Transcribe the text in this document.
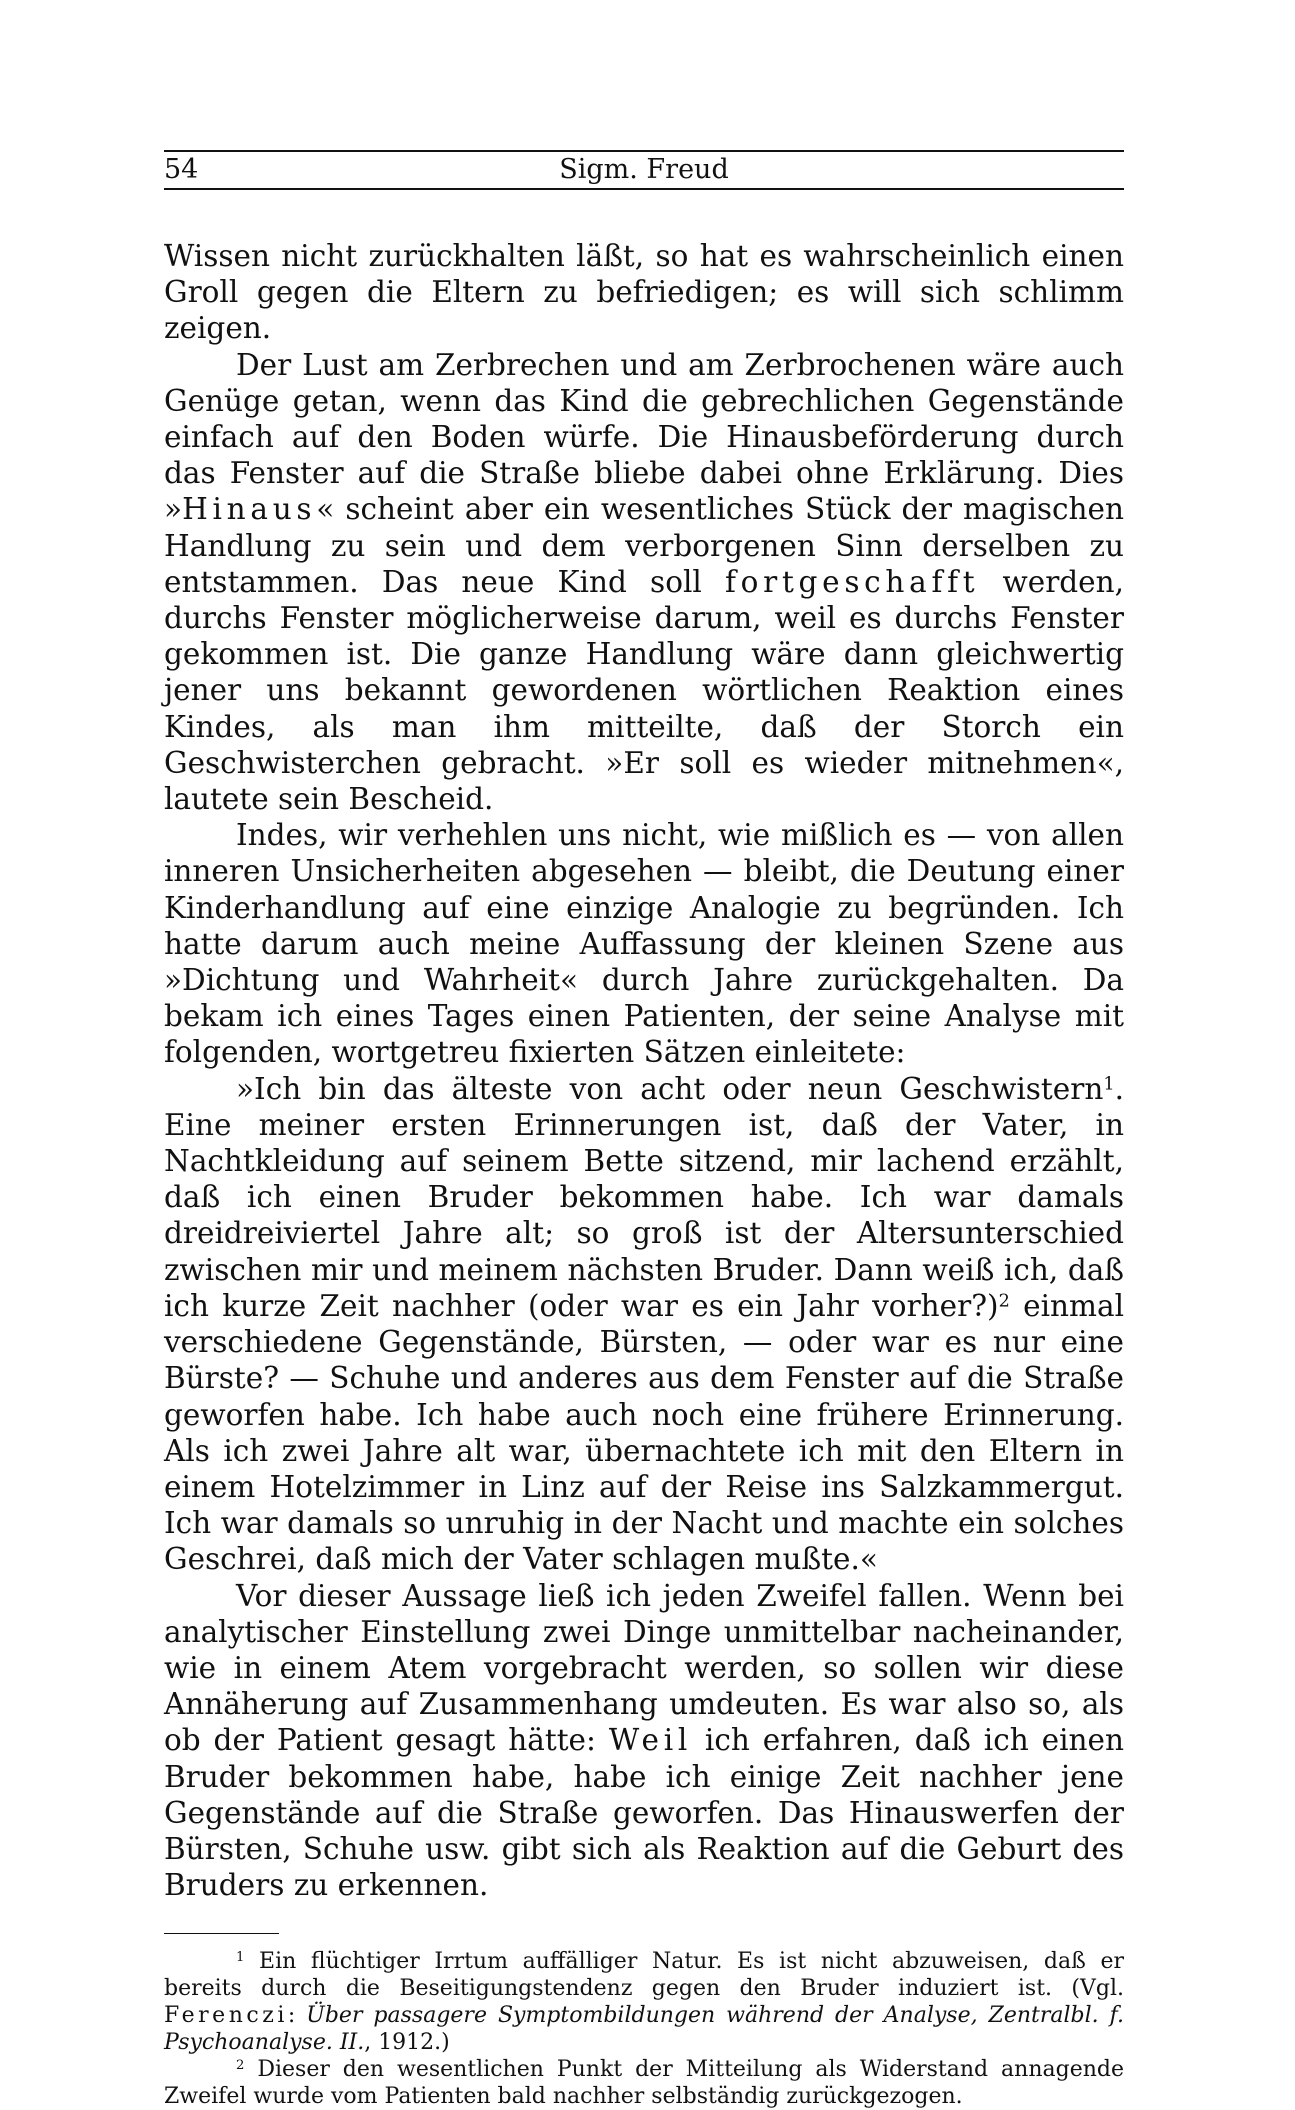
54	Sigm. Freud

Wissen nicht zurückhalten läßt, so hat es wahrscheinlich einen Groll gegen die Eltern zu befriedigen; es will sich schlimm zeigen.

Der Lust am Zerbrechen und am Zerbrochenen wäre auch Genüge getan, wenn das Kind die gebrechlichen Gegenstände einfach auf den Boden würfe. Die Hinausbeförderung durch das Fenster auf die Straße bliebe dabei ohne Erklärung. Dies »Hinaus« scheint aber ein wesentliches Stück der magischen Handlung zu sein und dem verborgenen Sinn derselben zu entstammen. Das neue Kind soll fortgeschafft werden, durchs Fenster möglicherweise darum, weil es durchs Fenster gekommen ist. Die ganze Handlung wäre dann gleichwertig jener uns bekannt gewordenen wörtlichen Reaktion eines Kindes, als man ihm mitteilte, daß der Storch ein Geschwisterchen gebracht. »Er soll es wieder mitnehmen«, lautete sein Bescheid.

Indes, wir verhehlen uns nicht, wie mißlich es — von allen inneren Unsicherheiten abgesehen — bleibt, die Deutung einer Kinderhandlung auf eine einzige Analogie zu begründen. Ich hatte darum auch meine Auffassung der kleinen Szene aus »Dichtung und Wahrheit« durch Jahre zurückgehalten. Da bekam ich eines Tages einen Patienten, der seine Analyse mit folgenden, wortgetreu fixierten Sätzen einleitete:

»Ich bin das älteste von acht oder neun Geschwistern$^1$. Eine meiner ersten Erinnerungen ist, daß der Vater, in Nachtkleidung auf seinem Bette sitzend, mir lachend erzählt, daß ich einen Bruder bekommen habe. Ich war damals dreidreiviertel Jahre alt; so groß ist der Altersunterschied zwischen mir und meinem nächsten Bruder. Dann weiß ich, daß ich kurze Zeit nachher (oder war es ein Jahr vorher?)$^2$ einmal verschiedene Gegenstände, Bürsten, — oder war es nur eine Bürste? — Schuhe und anderes aus dem Fenster auf die Straße geworfen habe. Ich habe auch noch eine frühere Erinnerung. Als ich zwei Jahre alt war, übernachtete ich mit den Eltern in einem Hotelzimmer in Linz auf der Reise ins Salzkammergut. Ich war damals so unruhig in der Nacht und machte ein solches Geschrei, daß mich der Vater schlagen mußte.«

Vor dieser Aussage ließ ich jeden Zweifel fallen. Wenn bei analytischer Einstellung zwei Dinge unmittelbar nacheinander, wie in einem Atem vorgebracht werden, so sollen wir diese Annäherung auf Zusammenhang umdeuten. Es war also so, als ob der Patient gesagt hätte: Weil ich erfahren, daß ich einen Bruder bekommen habe, habe ich einige Zeit nachher jene Gegenstände auf die Straße geworfen. Das Hinauswerfen der Bürsten, Schuhe usw. gibt sich als Reaktion auf die Geburt des Bruders zu erkennen.

$^1$ Ein flüchtiger Irrtum auffälliger Natur. Es ist nicht abzuweisen, daß er bereits durch die Beseitigungstendenz gegen den Bruder induziert ist. (Vgl. Ferenczi: Über passagere Symptombildungen während der Analyse, Zentralbl. f. Psychoanalyse. II., 1912.)

$^2$ Dieser den wesentlichen Punkt der Mitteilung als Widerstand annagende Zweifel wurde vom Patienten bald nachher selbständig zurückgezogen.
